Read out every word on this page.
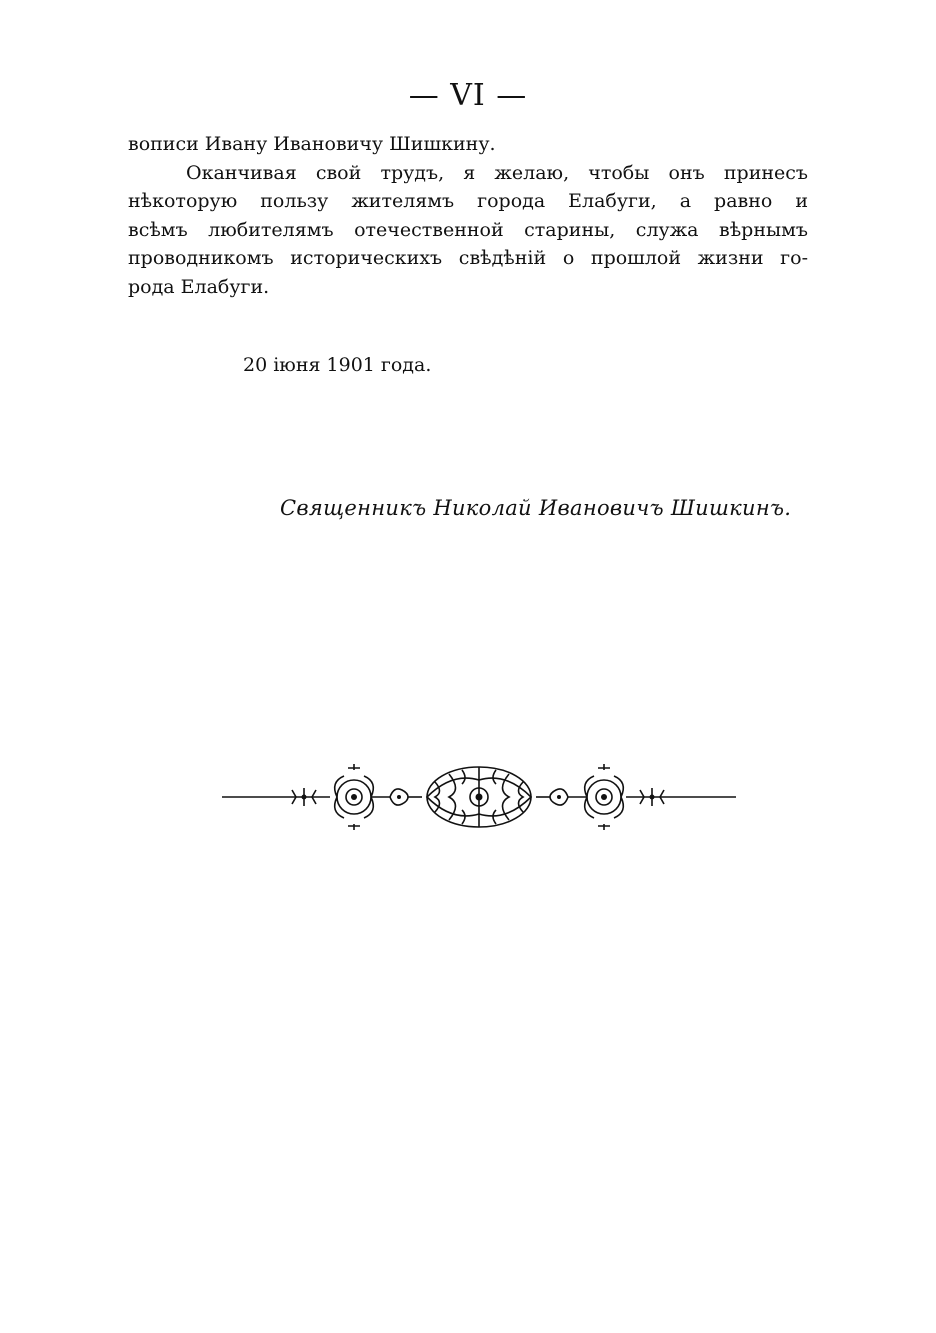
— VI —
вописи Ивану Ивановичу Шишкину.
Оканчивая свой трудъ, я желаю, чтобы онъ принесъ
нѣкоторую пользу жителямъ города Елабуги, а равно и
всѣмъ любителямъ отечественной старины, служа вѣрнымъ
проводникомъ историческихъ свѣдѣній о прошлой жизни го-
рода Елабуги.
20 іюня 1901 года.
Священникъ Николай Ивановичъ Шишкинъ.
